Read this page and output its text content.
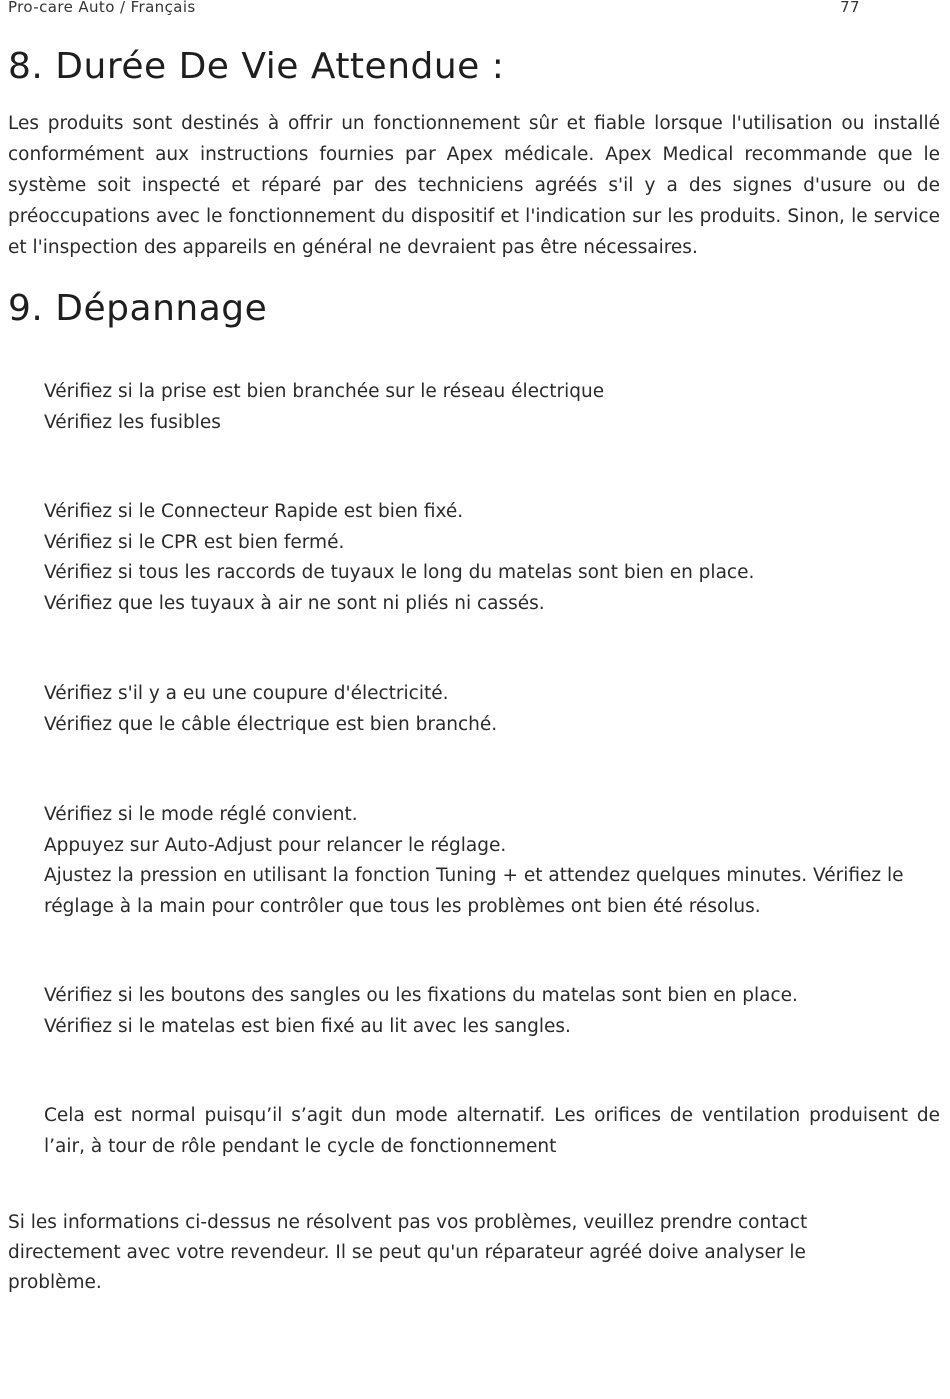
Pro-care Auto / Français	77
8. Durée De Vie Attendue :

Les produits sont destinés à offrir un fonctionnement sûr et fiable lorsque l'utilisation ou installé conformément aux instructions fournies par Apex médicale. Apex Medical recommande que le système soit inspecté et réparé par des techniciens agréés s'il y a des signes d'usure ou de préoccupations avec le fonctionnement du dispositif et l'indication sur les produits. Sinon, le service et l'inspection des appareils en général ne devraient pas être nécessaires.

9. Dépannage
Vérifiez si la prise est bien branchée sur le réseau électrique
Vérifiez les fusibles
Vérifiez si le Connecteur Rapide est bien fixé.
Vérifiez si le CPR est bien fermé.
Vérifiez si tous les raccords de tuyaux le long du matelas sont bien en place.
Vérifiez que les tuyaux à air ne sont ni pliés ni cassés.
Vérifiez s'il y a eu une coupure d'électricité.
Vérifiez que le câble électrique est bien branché.
Vérifiez si le mode réglé convient.
Appuyez sur Auto-Adjust pour relancer le réglage.
Ajustez la pression en utilisant la fonction Tuning + et attendez quelques minutes. Vérifiez le réglage à la main pour contrôler que tous les problèmes ont bien été résolus.
Vérifiez si les boutons des sangles ou les fixations du matelas sont bien en place.
Vérifiez si le matelas est bien fixé au lit avec les sangles.
Cela est normal puisqu’il s’agit dun mode alternatif. Les orifices de ventilation produisent de l’air, à tour de rôle pendant le cycle de fonctionnement

Si les informations ci-dessus ne résolvent pas vos problèmes, veuillez prendre contact directement avec votre revendeur. Il se peut qu'un réparateur agréé doive analyser le problème.
